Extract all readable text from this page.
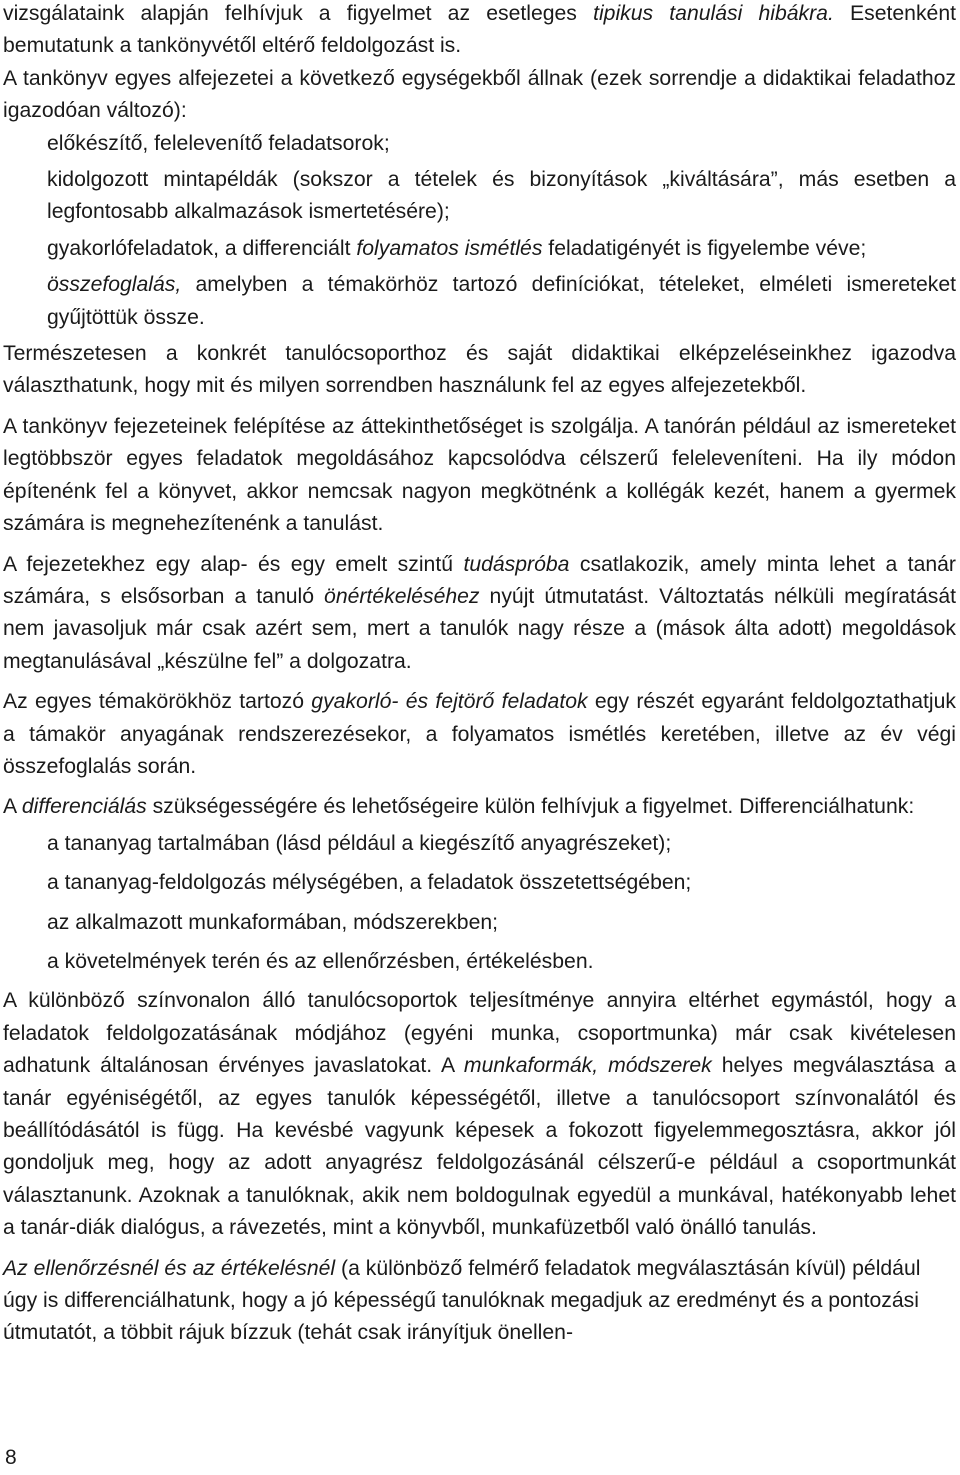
vizsgálataink alapján felhívjuk a figyelmet az esetleges tipikus tanulási hibákra. Esetenként bemutatunk a tankönyvétől eltérő feldolgozást is.

A tankönyv egyes alfejezetei a következő egységekből állnak (ezek sorrendje a didaktikai feladathoz igazodóan változó):

előkészítő, felelevenítő feladatsorok;
kidolgozott mintapéldák (sokszor a tételek és bizonyítások „kiváltására”, más esetben a legfontosabb alkalmazások ismertetésére);
gyakorlófeladatok, a differenciált folyamatos ismétlés feladatigényét is figyelembe véve;
összefoglalás, amelyben a témakörhöz tartozó definíciókat, tételeket, elméleti ismereteket gyűjtöttük össze.

Természetesen a konkrét tanulócsoporthoz és saját didaktikai elképzeléseinkhez igazodva választhatunk, hogy mit és milyen sorrendben használunk fel az egyes alfejezetekből.

A tankönyv fejezeteinek felépítése az áttekinthetőséget is szolgálja. A tanórán például az ismereteket legtöbbször egyes feladatok megoldásához kapcsolódva célszerű feleleveníteni. Ha ily módon építenénk fel a könyvet, akkor nemcsak nagyon megkötnénk a kollégák kezét, hanem a gyermek számára is megnehezítenénk a tanulást.

A fejezetekhez egy alap- és egy emelt szintű tudáspróba csatlakozik, amely minta lehet a tanár számára, s elsősorban a tanuló önértékeléséhez nyújt útmutatást. Változtatás nélküli megíratását nem javasoljuk már csak azért sem, mert a tanulók nagy része a (mások álta adott) megoldások megtanulásával „készülne fel” a dolgozatra.

Az egyes témakörökhöz tartozó gyakorló- és fejtörő feladatok egy részét egyaránt feldolgoztathatjuk a támakör anyagának rendszerezésekor, a folyamatos ismétlés keretében, illetve az év végi összefoglalás során.

A differenciálás szükségességére és lehetőségeire külön felhívjuk a figyelmet. Differenciálhatunk:

a tananyag tartalmában (lásd például a kiegészítő anyagrészeket);
a tananyag-feldolgozás mélységében, a feladatok összetettségében;
az alkalmazott munkaformában, módszerekben;
a követelmények terén és az ellenőrzésben, értékelésben.

A különböző színvonalon álló tanulócsoportok teljesítménye annyira eltérhet egymástól, hogy a feladatok feldolgozatásának módjához (egyéni munka, csoportmunka) már csak kivételesen adhatunk általánosan érvényes javaslatokat. A munkaformák, módszerek helyes megválasztása a tanár egyéniségétől, az egyes tanulók képességétől, illetve a tanulócsoport színvonalától és beállítódásától is függ. Ha kevésbé vagyunk képesek a fokozott figyelemmegosztásra, akkor jól gondoljuk meg, hogy az adott anyagrész feldolgozásánál célszerű-e például a csoportmunkát választanunk. Azoknak a tanulóknak, akik nem boldogulnak egyedül a munkával, hatékonyabb lehet a tanár-diák dialógus, a rávezetés, mint a könyvből, munkafüzetből való önálló tanulás.

Az ellenőrzésnél és az értékelésnél (a különböző felmérő feladatok megválasztásán kívül) például úgy is differenciálhatunk, hogy a jó képességű tanulóknak megadjuk az eredményt és a pontozási útmutatót, a többit rájuk bízzuk (tehát csak irányítjuk önellen-

8
